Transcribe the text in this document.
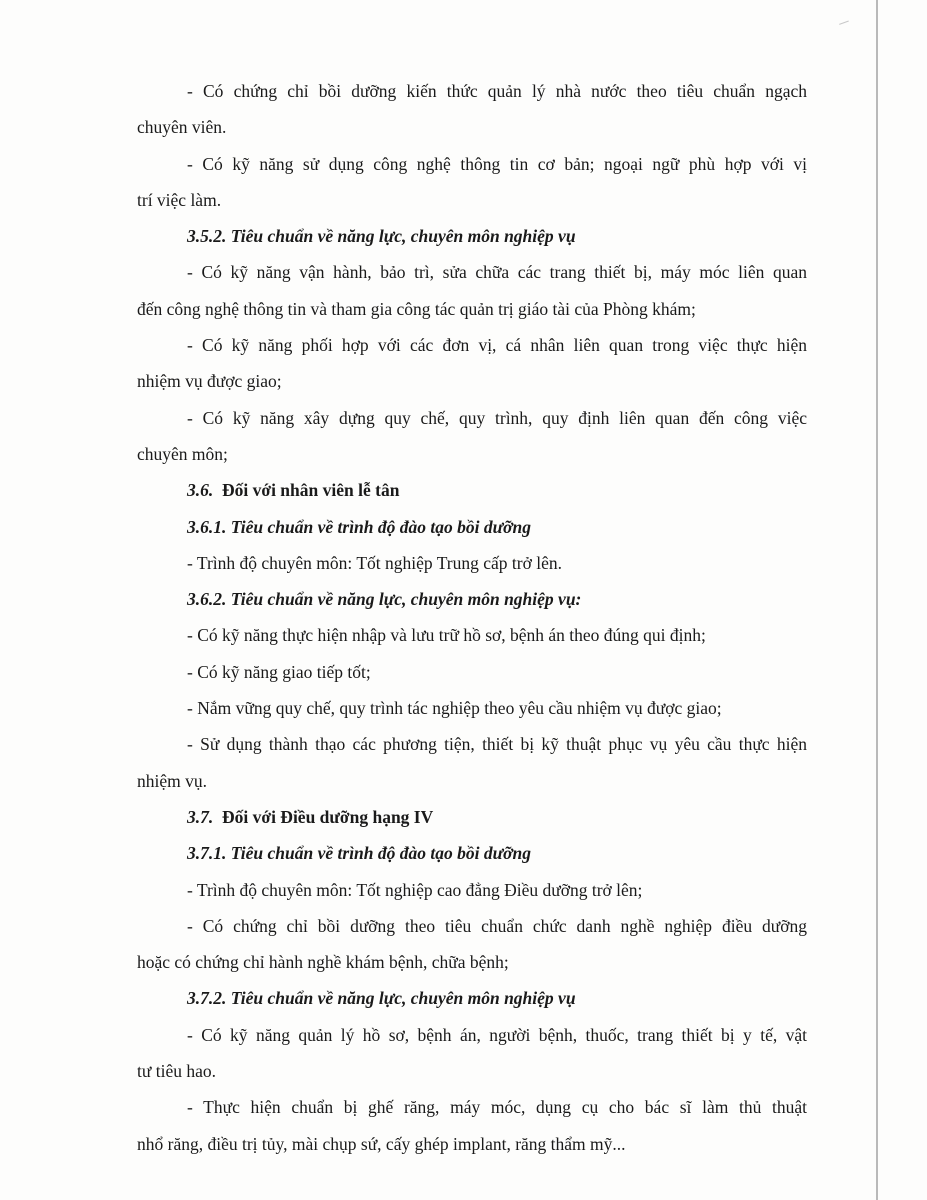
- Có chứng chỉ bồi dưỡng kiến thức quản lý nhà nước theo tiêu chuẩn ngạch
chuyên viên.
- Có kỹ năng sử dụng công nghệ thông tin cơ bản; ngoại ngữ phù hợp với vị
trí việc làm.
3.5.2. Tiêu chuẩn về năng lực, chuyên môn nghiệp vụ
- Có kỹ năng vận hành, bảo trì, sửa chữa các trang thiết bị, máy móc liên quan
đến công nghệ thông tin và tham gia công tác quản trị giáo tài của Phòng khám;
- Có kỹ năng phối hợp với các đơn vị, cá nhân liên quan trong việc thực hiện
nhiệm vụ được giao;
- Có kỹ năng xây dựng quy chế, quy trình, quy định liên quan đến công việc
chuyên môn;
3.6. Đối với nhân viên lễ tân
3.6.1. Tiêu chuẩn về trình độ đào tạo bồi dưỡng
- Trình độ chuyên môn: Tốt nghiệp Trung cấp trở lên.
3.6.2. Tiêu chuẩn về năng lực, chuyên môn nghiệp vụ:
- Có kỹ năng thực hiện nhập và lưu trữ hồ sơ, bệnh án theo đúng qui định;
- Có kỹ năng giao tiếp tốt;
- Nắm vững quy chế, quy trình tác nghiệp theo yêu cầu nhiệm vụ được giao;
- Sử dụng thành thạo các phương tiện, thiết bị kỹ thuật phục vụ yêu cầu thực hiện
nhiệm vụ.
3.7. Đối với Điều dưỡng hạng IV
3.7.1. Tiêu chuẩn về trình độ đào tạo bồi dưỡng
- Trình độ chuyên môn: Tốt nghiệp cao đẳng Điều dưỡng trở lên;
- Có chứng chỉ bồi dưỡng theo tiêu chuẩn chức danh nghề nghiệp điều dưỡng
hoặc có chứng chỉ hành nghề khám bệnh, chữa bệnh;
3.7.2. Tiêu chuẩn về năng lực, chuyên môn nghiệp vụ
- Có kỹ năng quản lý hồ sơ, bệnh án, người bệnh, thuốc, trang thiết bị y tế, vật
tư tiêu hao.
- Thực hiện chuẩn bị ghế răng, máy móc, dụng cụ cho bác sĩ làm thủ thuật
nhổ răng, điều trị tủy, mài chụp sứ, cấy ghép implant, răng thẩm mỹ...
